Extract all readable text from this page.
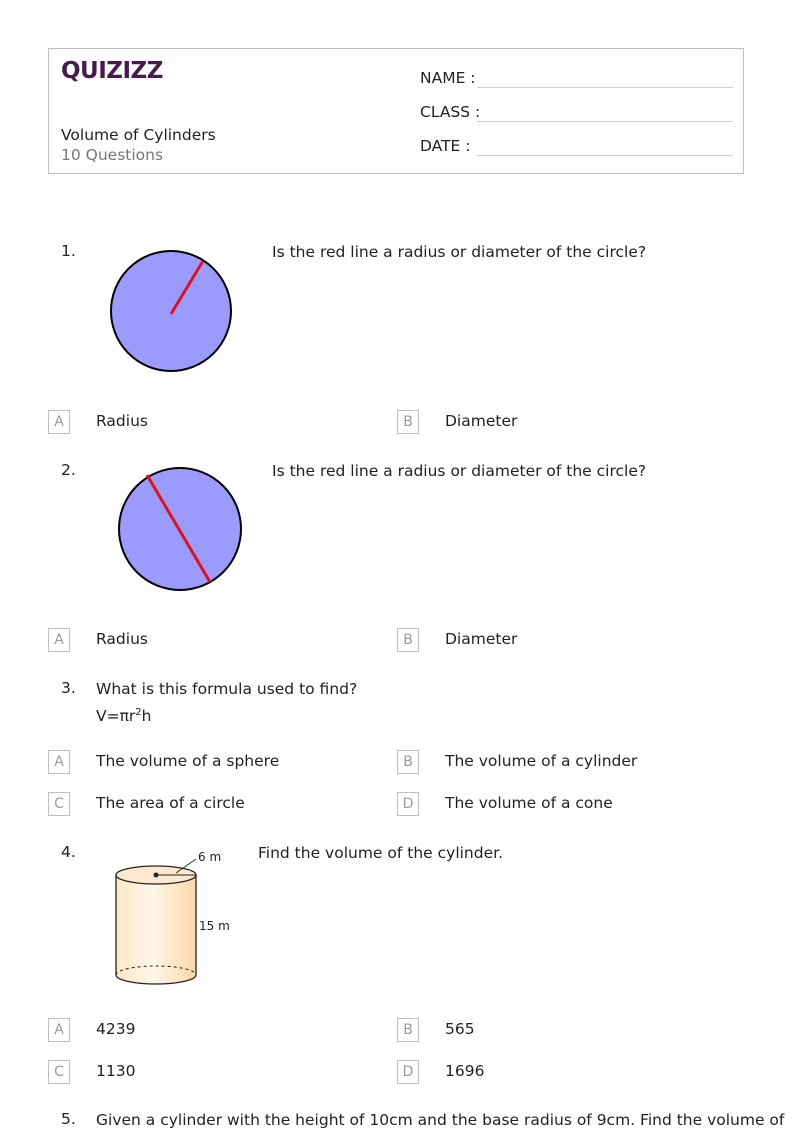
QUIZIZZ
Volume of Cylinders
10 Questions
NAME :
CLASS :
DATE :
1.	Is the red line a radius or diameter of the circle?
A	Radius	B	Diameter
2.	Is the red line a radius or diameter of the circle?
A	Radius	B	Diameter
3. What is this formula used to find?
$V=\pi r^2h$
A	The volume of a sphere	B	The volume of a cylinder
C	The area of a circle	D	The volume of a cone
4.	6 m
15 m
Find the volume of the cylinder.
A	4239	B	565
C	1130	D	1696
5. Given a cylinder with the height of 10cm and the base radius of 9cm. Find the volume of
